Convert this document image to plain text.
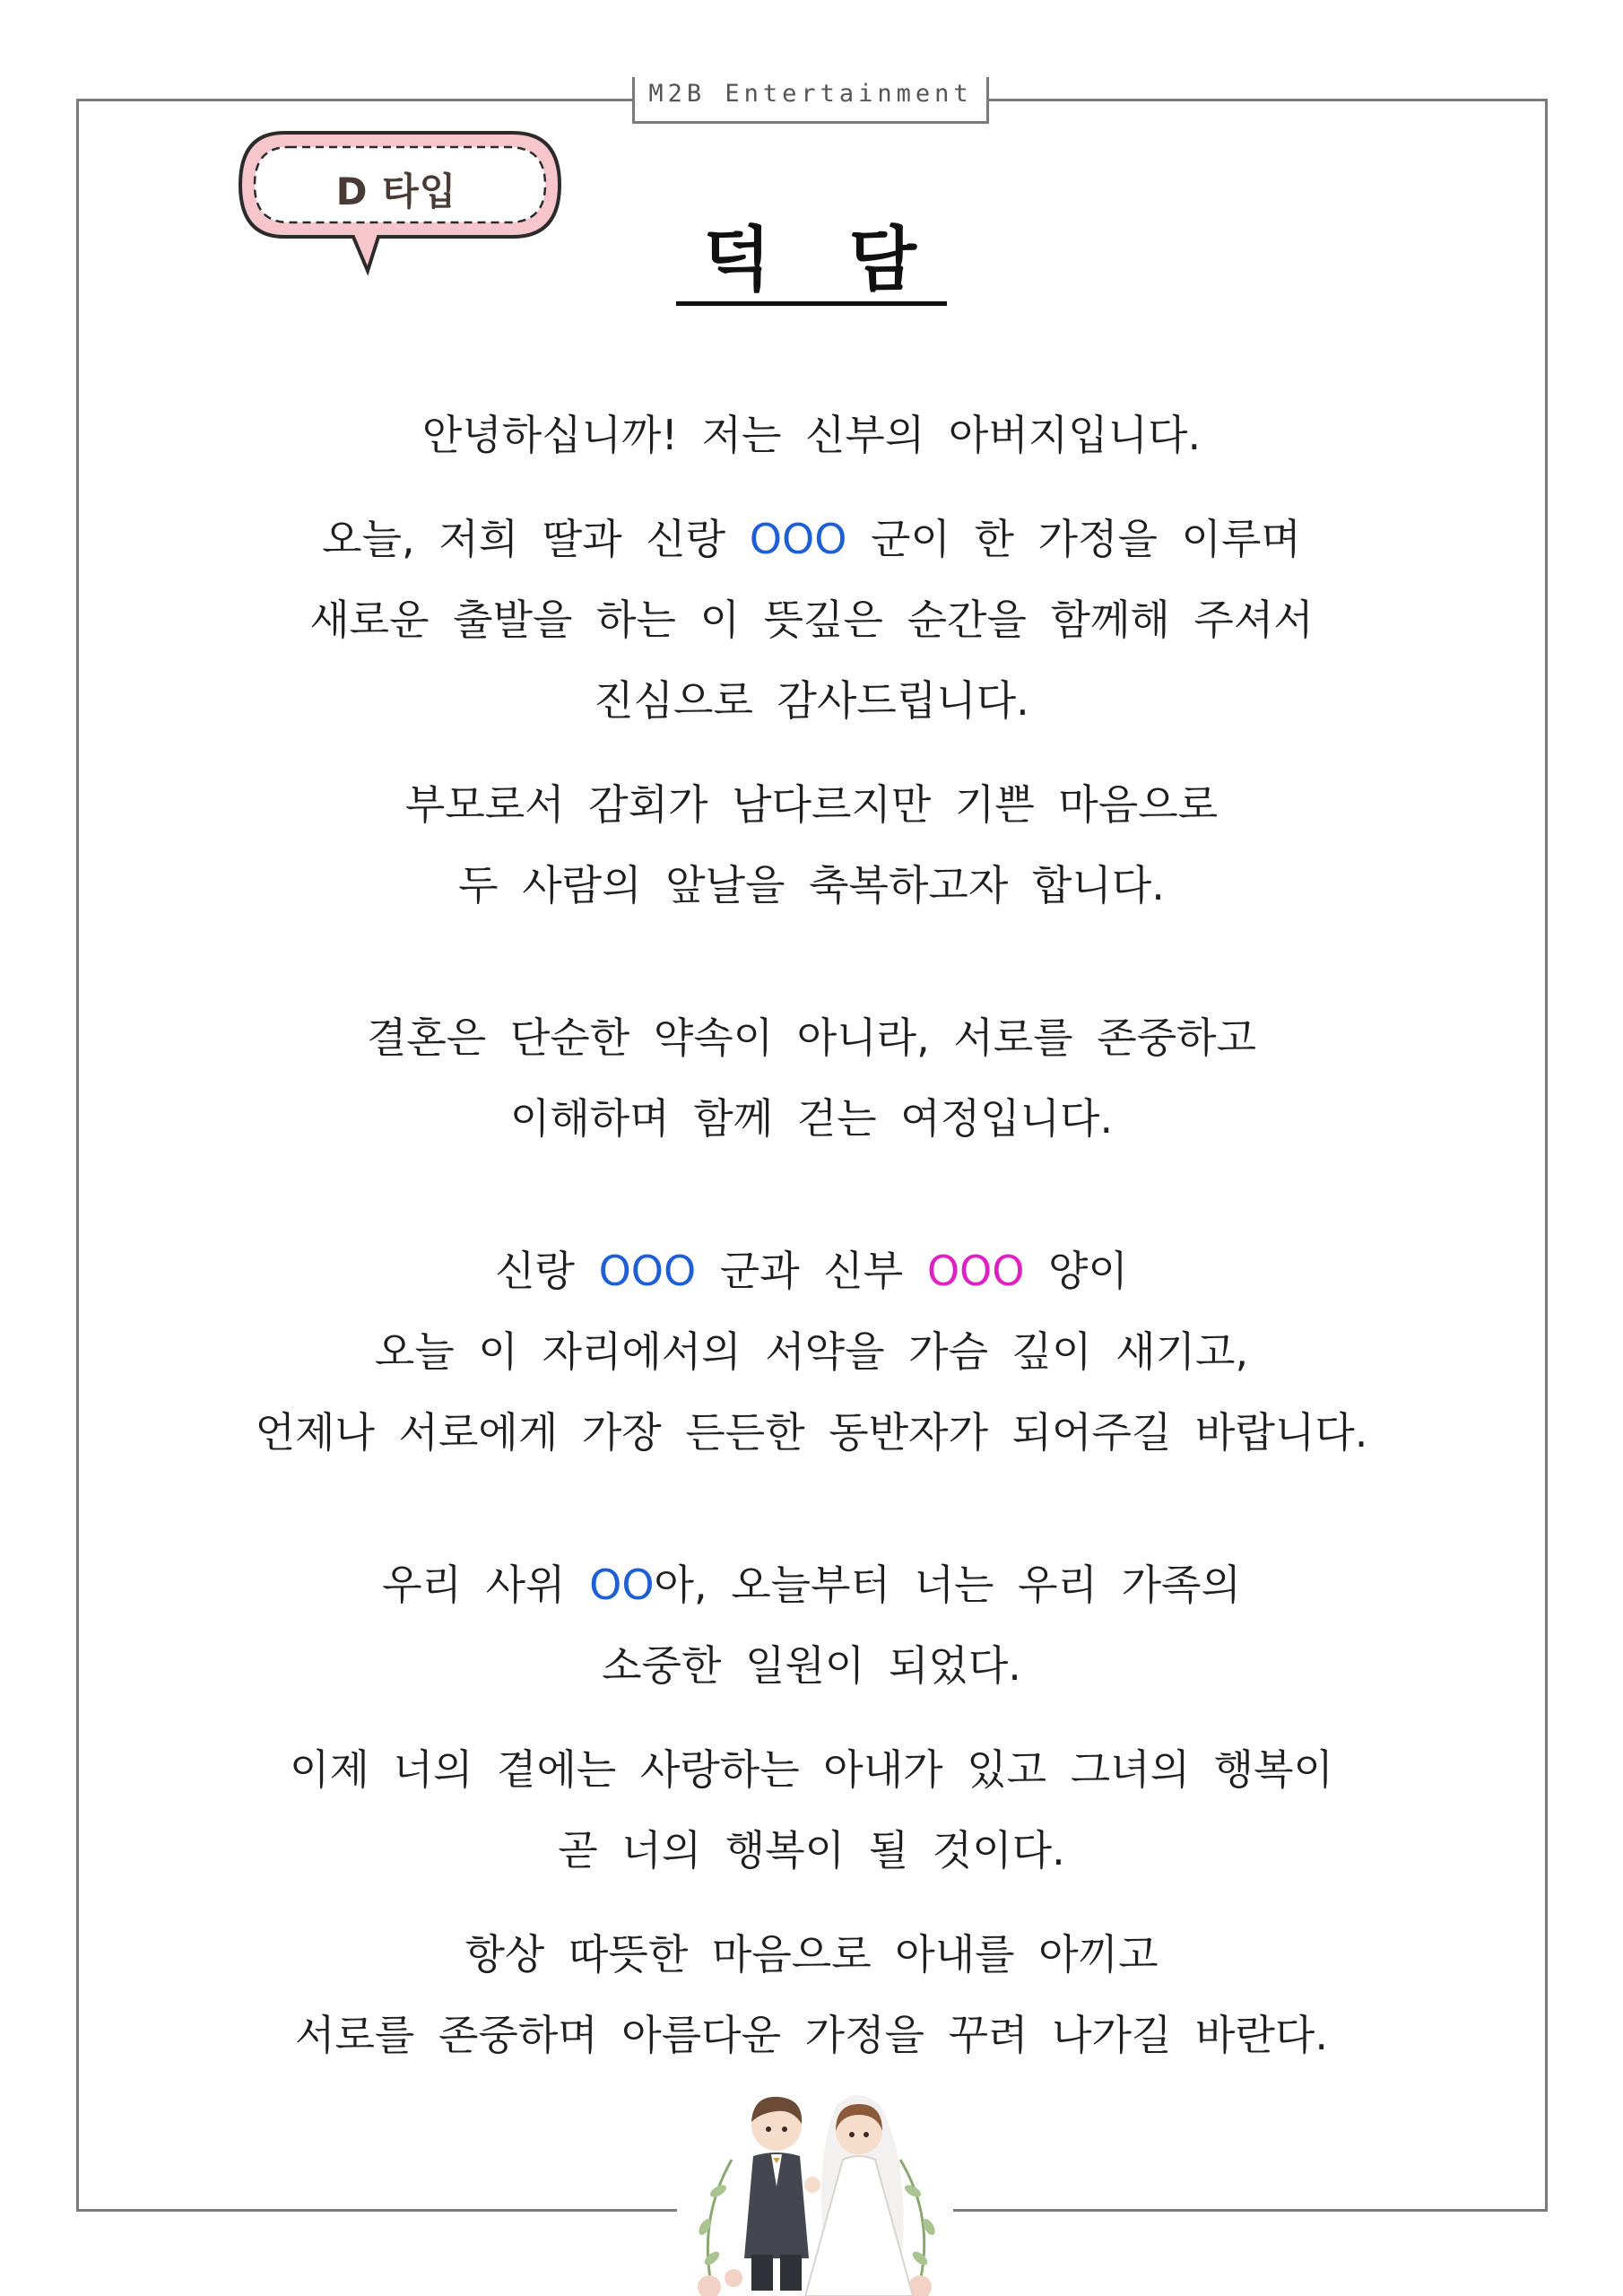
M2B Entertainment
D 타입
덕 담
안녕하십니까! 저는 신부의 아버지입니다.
오늘, 저희 딸과 신랑 OOO 군이 한 가정을 이루며
새로운 출발을 하는 이 뜻깊은 순간을 함께해 주셔서
진심으로 감사드립니다.
부모로서 감회가 남다르지만 기쁜 마음으로
두 사람의 앞날을 축복하고자 합니다.
결혼은 단순한 약속이 아니라, 서로를 존중하고
이해하며 함께 걷는 여정입니다.
신랑 OOO 군과 신부 OOO 양이
오늘 이 자리에서의 서약을 가슴 깊이 새기고,
언제나 서로에게 가장 든든한 동반자가 되어주길 바랍니다.
우리 사위 OO아, 오늘부터 너는 우리 가족의
소중한 일원이 되었다.
이제 너의 곁에는 사랑하는 아내가 있고 그녀의 행복이
곧 너의 행복이 될 것이다.
항상 따뜻한 마음으로 아내를 아끼고
서로를 존중하며 아름다운 가정을 꾸려 나가길 바란다.
